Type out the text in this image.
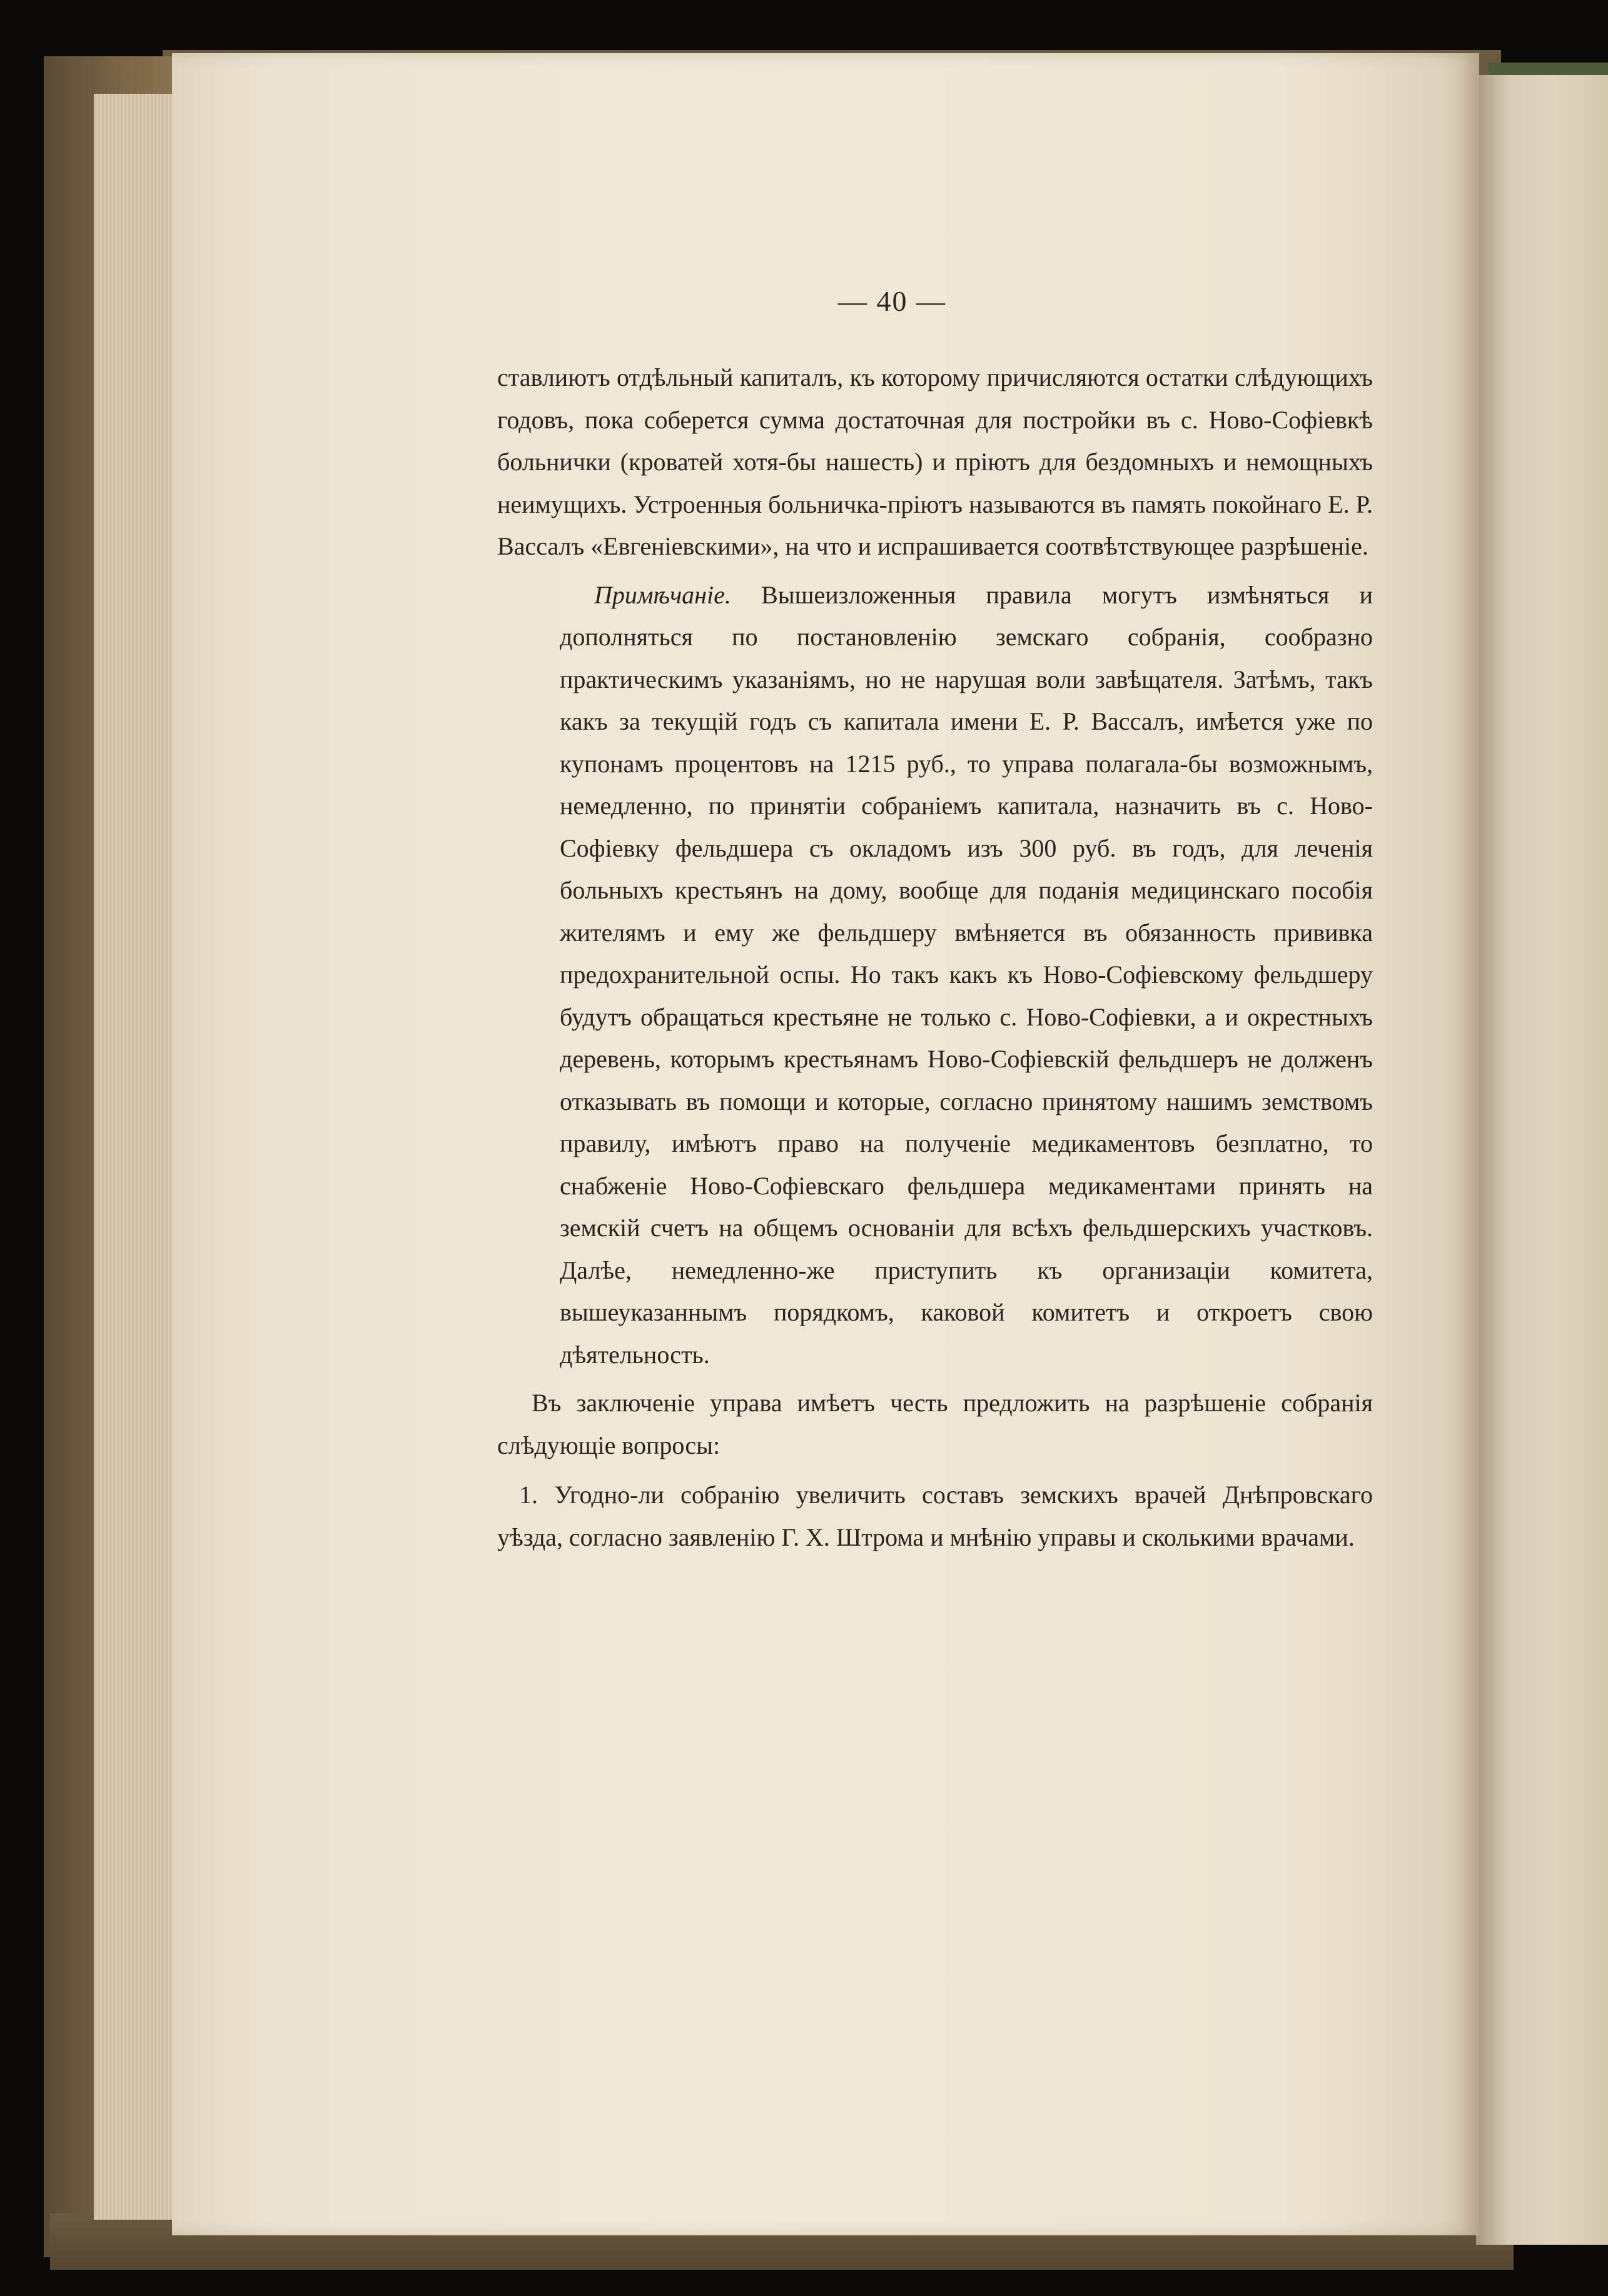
— 40 —

ставлиютъ отдѣльный капиталъ, къ которому причисляются остатки слѣдующихъ годовъ, пока соберется сумма достаточная для постройки въ с. Ново-Софіевкѣ больнички (кроватей хотя-бы нашесть) и пріютъ для бездомныхъ и немощныхъ неимущихъ. Устроенныя больничка-пріютъ называются въ память покойнаго Е. Р. Вассалъ «Евгеніевскими», на что и испрашивается соотвѣтствующее разрѣшеніе.

Примѣчаніе. Вышеизложенныя правила могутъ измѣняться и дополняться по постановленію земскаго собранія, сообразно практическимъ указаніямъ, но не нарушая воли завѣщателя. Затѣмъ, такъ какъ за текущій годъ съ капитала имени Е. Р. Вассалъ, имѣется уже по купонамъ процентовъ на 1215 руб., то управа полагала-бы возможнымъ, немедленно, по принятіи собраніемъ капитала, назначить въ с. Ново-Софіевку фельдшера съ окладомъ изъ 300 руб. въ годъ, для леченія больныхъ крестьянъ на дому, вообще для поданія медицинскаго пособія жителямъ и ему же фельдшеру вмѣняется въ обязанность прививка предохранительной оспы. Но такъ какъ къ Ново-Софіевскому фельдшеру будутъ обращаться крестьяне не только с. Ново-Софіевки, а и окрестныхъ деревень, которымъ крестьянамъ Ново-Софіевскій фельдшеръ не долженъ отказывать въ помощи и которые, согласно принятому нашимъ земствомъ правилу, имѣютъ право на полученіе медикаментовъ безплатно, то снабженіе Ново-Софіевскаго фельдшера медикаментами принять на земскій счетъ на общемъ основаніи для всѣхъ фельдшерскихъ участковъ. Далѣе, немедленно-же приступить къ организаціи комитета, вышеуказаннымъ порядкомъ, каковой комитетъ и откроетъ свою дѣятельность.

Въ заключеніе управа имѣетъ честь предложить на разрѣшеніе собранія слѣдующіе вопросы:

1. Угодно-ли собранію увеличить составъ земскихъ врачей Днѣпровскаго уѣзда, согласно заявленію Г. Х. Штрома и мнѣнію управы и сколькими врачами.
